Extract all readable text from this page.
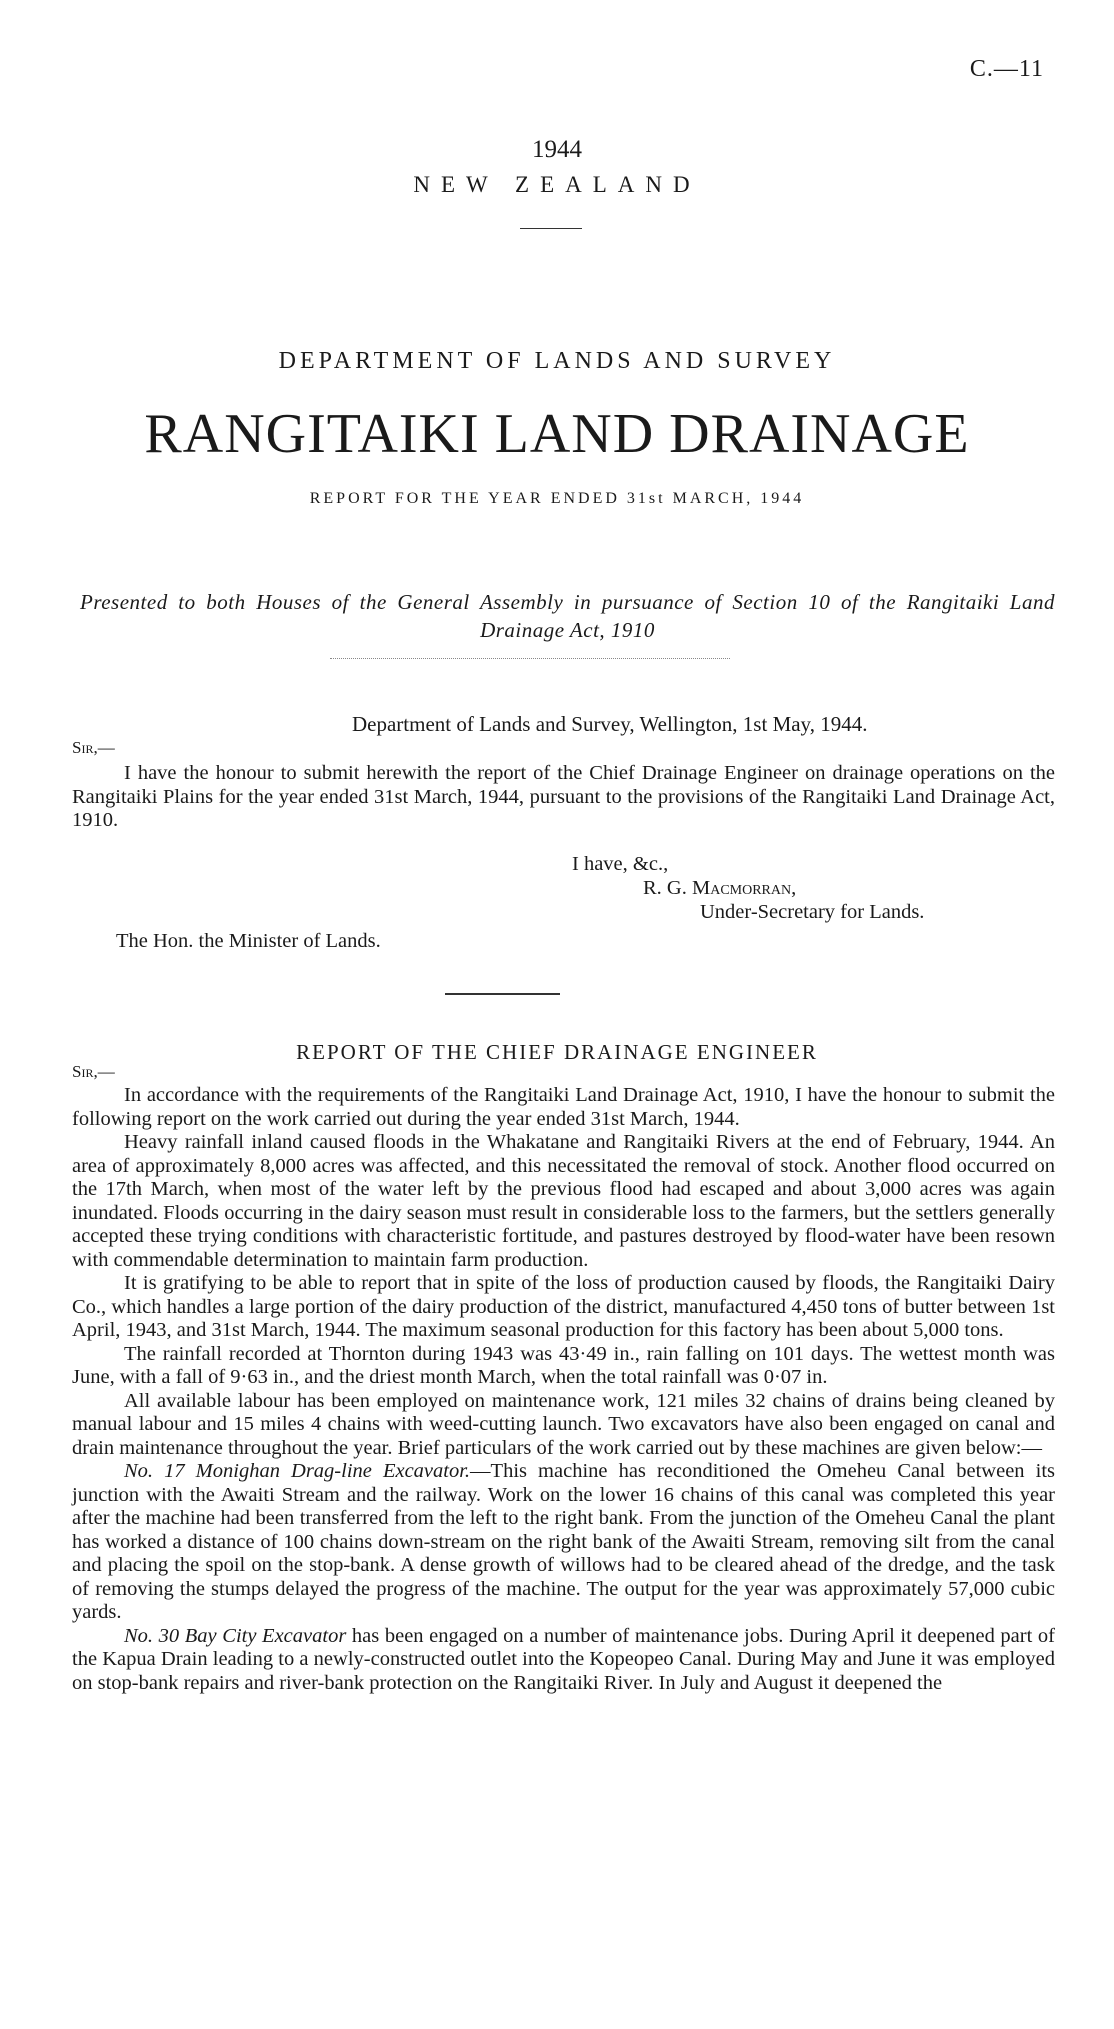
C.—11
1944
NEW ZEALAND
DEPARTMENT OF LANDS AND SURVEY
RANGITAIKI LAND DRAINAGE
REPORT FOR THE YEAR ENDED 31st MARCH, 1944
Presented to both Houses of the General Assembly in pursuance of Section 10 of the Rangitaiki Land Drainage Act, 1910
Department of Lands and Survey, Wellington, 1st May, 1944.
Sir,—

I have the honour to submit herewith the report of the Chief Drainage Engineer on drainage operations on the Rangitaiki Plains for the year ended 31st March, 1944, pursuant to the provisions of the Rangitaiki Land Drainage Act, 1910.

I have, &c.,
R. G. Macmorran,
Under-Secretary for Lands.
The Hon. the Minister of Lands.
REPORT OF THE CHIEF DRAINAGE ENGINEER
Sir,—

In accordance with the requirements of the Rangitaiki Land Drainage Act, 1910, I have the honour to submit the following report on the work carried out during the year ended 31st March, 1944.

Heavy rainfall inland caused floods in the Whakatane and Rangitaiki Rivers at the end of February, 1944. An area of approximately 8,000 acres was affected, and this necessitated the removal of stock. Another flood occurred on the 17th March, when most of the water left by the previous flood had escaped and about 3,000 acres was again inundated. Floods occurring in the dairy season must result in considerable loss to the farmers, but the settlers generally accepted these trying conditions with characteristic fortitude, and pastures destroyed by flood-water have been resown with commendable determination to maintain farm production.

It is gratifying to be able to report that in spite of the loss of production caused by floods, the Rangitaiki Dairy Co., which handles a large portion of the dairy production of the district, manufactured 4,450 tons of butter between 1st April, 1943, and 31st March, 1944. The maximum seasonal production for this factory has been about 5,000 tons.

The rainfall recorded at Thornton during 1943 was 43·49 in., rain falling on 101 days. The wettest month was June, with a fall of 9·63 in., and the driest month March, when the total rainfall was 0·07 in.

All available labour has been employed on maintenance work, 121 miles 32 chains of drains being cleaned by manual labour and 15 miles 4 chains with weed-cutting launch. Two excavators have also been engaged on canal and drain maintenance throughout the year. Brief particulars of the work carried out by these machines are given below:—

No. 17 Monighan Drag-line Excavator.—This machine has reconditioned the Omeheu Canal between its junction with the Awaiti Stream and the railway. Work on the lower 16 chains of this canal was completed this year after the machine had been transferred from the left to the right bank. From the junction of the Omeheu Canal the plant has worked a distance of 100 chains down-stream on the right bank of the Awaiti Stream, removing silt from the canal and placing the spoil on the stop-bank. A dense growth of willows had to be cleared ahead of the dredge, and the task of removing the stumps delayed the progress of the machine. The output for the year was approximately 57,000 cubic yards.

No. 30 Bay City Excavator has been engaged on a number of maintenance jobs. During April it deepened part of the Kapua Drain leading to a newly-constructed outlet into the Kopeopeo Canal. During May and June it was employed on stop-bank repairs and river-bank protection on the Rangitaiki River. In July and August it deepened the
